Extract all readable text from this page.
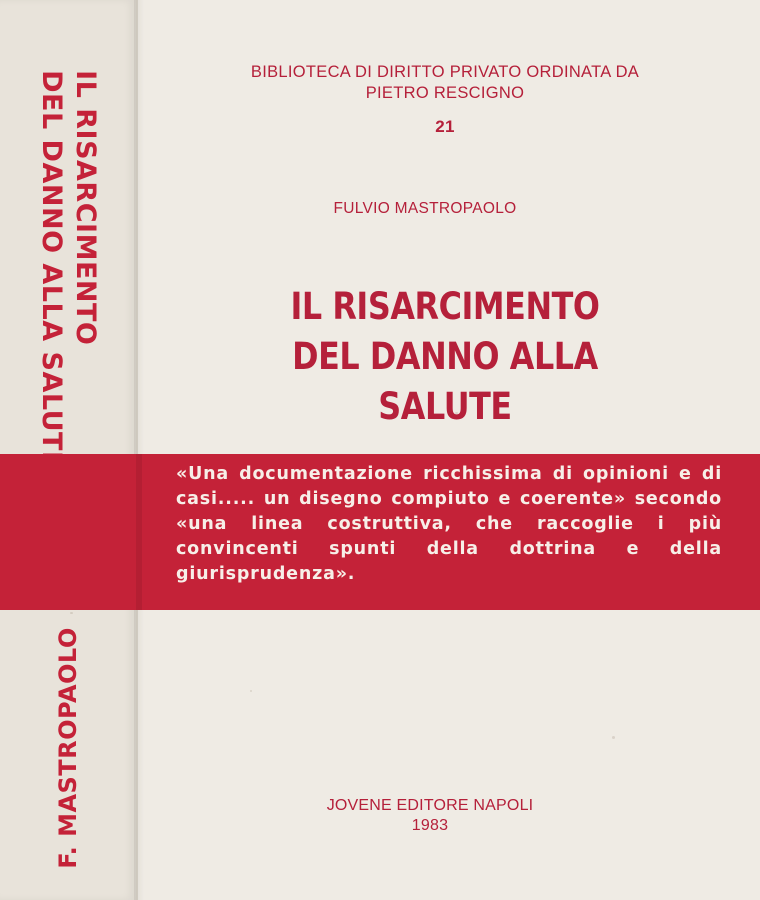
IL RISARCIMENTO
DEL DANNO ALLA SALUTE
F. MASTROPAOLO
BIBLIOTECA DI DIRITTO PRIVATO ORDINATA DA
PIETRO RESCIGNO
21
FULVIO MASTROPAOLO
IL RISARCIMENTO
DEL DANNO ALLA SALUTE
«Una documentazione ricchissima di opinioni e di casi..... un disegno compiuto e coerente» secondo «una linea costruttiva, che raccoglie i più convincenti spunti della dottrina e della giurisprudenza».
JOVENE EDITORE NAPOLI
1983
